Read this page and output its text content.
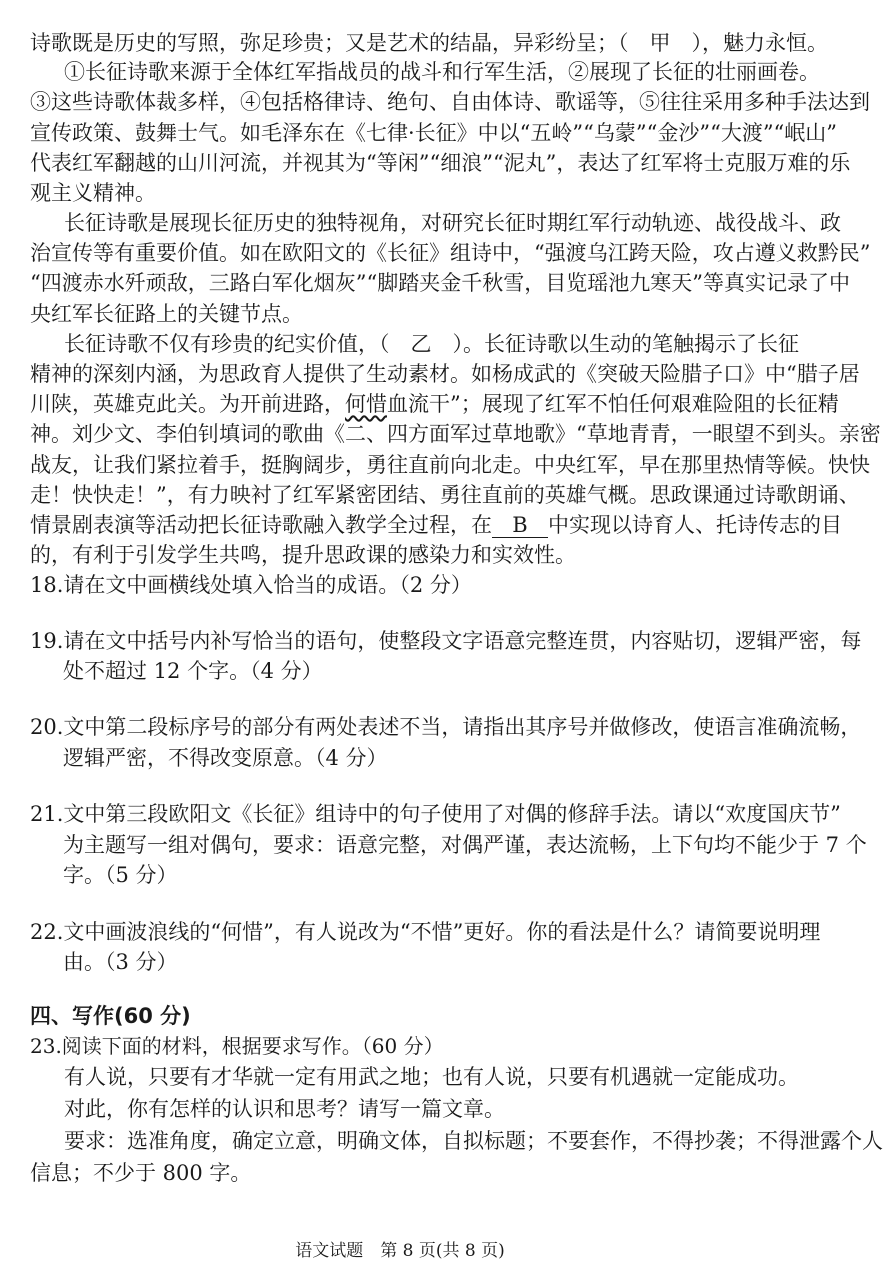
诗歌既是历史的写照，弥足珍贵；又是艺术的结晶，异彩纷呈；（　甲　），魅力永恒。
①长征诗歌来源于全体红军指战员的战斗和行军生活，②展现了长征的壮丽画卷。
③这些诗歌体裁多样，④包括格律诗、绝句、自由体诗、歌谣等，⑤往往采用多种手法达到
宣传政策、鼓舞士气。如毛泽东在《七律·长征》中以“五岭”“乌蒙”“金沙”“大渡”“岷山”
代表红军翻越的山川河流，并视其为“等闲”“细浪”“泥丸”，表达了红军将士克服万难的乐
观主义精神。
长征诗歌是展现长征历史的独特视角，对研究长征时期红军行动轨迹、战役战斗、政
治宣传等有重要价值。如在欧阳文的《长征》组诗中，“强渡乌江跨天险，攻占遵义救黔民”
“四渡赤水歼顽敌，三路白军化烟灰”“脚踏夹金千秋雪，目览瑶池九寒天”等真实记录了中
央红军长征路上的关键节点。
长征诗歌不仅有珍贵的纪实价值，（　乙　）。长征诗歌以生动的笔触揭示了长征
精神的深刻内涵，为思政育人提供了生动素材。如杨成武的《突破天险腊子口》中“腊子居
川陕，英雄克此关。为开前进路，何惜血流干”；展现了红军不怕任何艰难险阻的长征精
神。刘少文、李伯钊填词的歌曲《二、四方面军过草地歌》“草地青青，一眼望不到头。亲密
战友，让我们紧拉着手，挺胸阔步，勇往直前向北走。中央红军，早在那里热情等候。快快
走！快快走！”，有力映衬了红军紧密团结、勇往直前的英雄气概。思政课通过诗歌朗诵、
情景剧表演等活动把长征诗歌融入教学全过程，在 B 中实现以诗育人、托诗传志的目
的，有利于引发学生共鸣，提升思政课的感染力和实效性。
18.请在文中画横线处填入恰当的成语。（2 分）
19.请在文中括号内补写恰当的语句，使整段文字语意完整连贯，内容贴切，逻辑严密，每
处不超过 12 个字。（4 分）
20.文中第二段标序号的部分有两处表述不当，请指出其序号并做修改，使语言准确流畅，
逻辑严密，不得改变原意。（4 分）
21.文中第三段欧阳文《长征》组诗中的句子使用了对偶的修辞手法。请以“欢度国庆节”
为主题写一组对偶句，要求：语意完整，对偶严谨，表达流畅，上下句均不能少于 7 个
字。（5 分）
22.文中画波浪线的“何惜”，有人说改为“不惜”更好。你的看法是什么？请简要说明理
由。（3 分）
四、写作(60 分)
23.阅读下面的材料，根据要求写作。（60 分）
语文试题　第 8 页(共 8 页)
有人说，只要有才华就一定有用武之地；也有人说，只要有机遇就一定能成功。
对此，你有怎样的认识和思考？请写一篇文章。
要求：选准角度，确定立意，明确文体，自拟标题；不要套作，不得抄袭；不得泄露个人
信息；不少于 800 字。
